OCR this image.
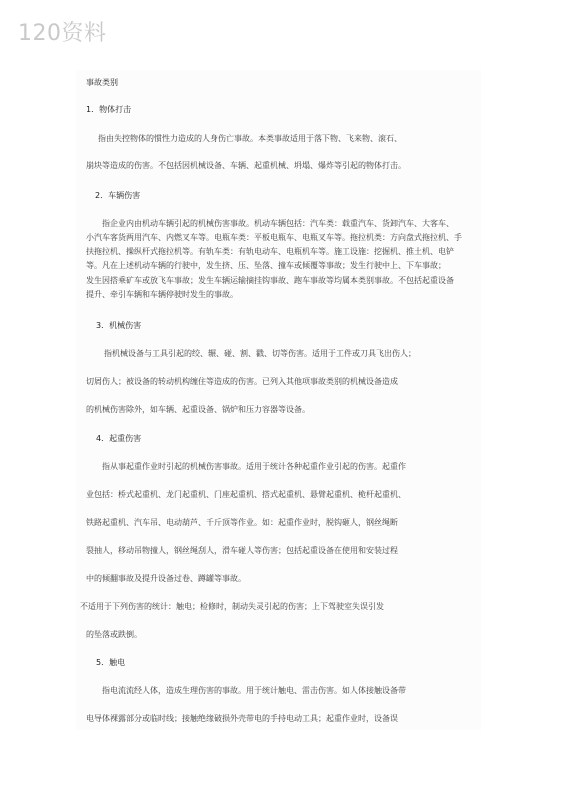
120资料
事故类别
1．物体打击
指由失控物体的惯性力造成的人身伤亡事故。本类事故适用于落下物、飞来物、滚石、
崩块等造成的伤害。不包括因机械设备、车辆、起重机械、坍塌、爆炸等引起的物体打击。
2．车辆伤害
指企业内由机动车辆引起的机械伤害事故。机动车辆包括：汽车类：载重汽车、货卸汽车、大客车、
小汽车客货两用汽车、内燃叉车等。电瓶车类：平板电瓶车、电瓶叉车等。拖拉机类：方向盘式拖拉机、手
扶拖拉机、操纵杆式拖拉机等。有轨车类：有轨电动车、电瓶机车等。施工设施：挖掘机、推土机、电铲
等。凡在上述机动车辆的行驶中，发生挤、压、坠落、撞车或倾覆等事故；发生行驶中上、下车事故；
发生因搭乘矿车或放飞车事故；发生车辆运输摘挂钩事故、跑车事故等均属本类别事故。不包括起重设备
提升、牵引车辆和车辆停驶时发生的事故。
3．机械伤害
指机械设备与工具引起的绞、辗、碰、割、戳、切等伤害。适用于工件或刀具飞出伤人；
切屑伤人；被设备的转动机构缠住等造成的伤害。已列入其他项事故类别的机械设备造成
的机械伤害除外，如车辆、起重设备、锅炉和压力容器等设备。
4．起重伤害
指从事起重作业时引起的机械伤害事故。适用于统计各种起重作业引起的伤害。起重作
业包括：桥式起重机、龙门起重机、门座起重机、搭式起重机、悬臂起重机、桅杆起重机、
铁路起重机、汽车吊、电动葫芦、千斤顶等作业。如：起重作业时，脱钩砸人，钢丝绳断
裂抽人，移动吊物撞人，钢丝绳刮人，滑车碰人等伤害；包括起重设备在使用和安装过程
中的倾翻事故及提升设备过卷、蹲罐等事故。
不适用于下列伤害的统计：触电；检修时，制动失灵引起的伤害；上下驾驶室失误引发
的坠落或跌倒。
5．触电
指电流流经人体，造成生理伤害的事故。用于统计触电、雷击伤害。如人体接触设备带
电导体裸露部分或临时线；接触绝缘破损外壳带电的手持电动工具；起重作业时，设备误
